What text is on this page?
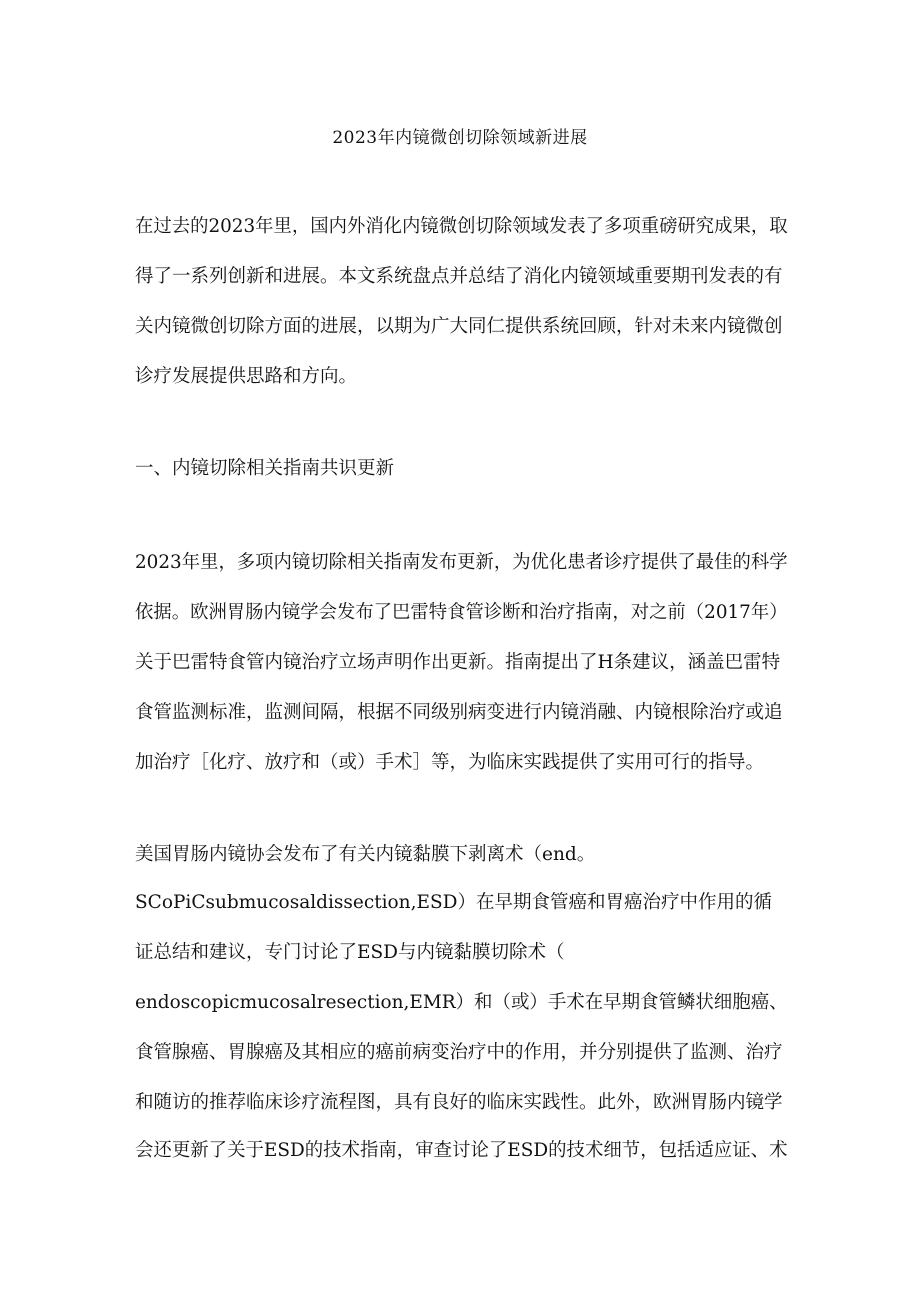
2023年内镜微创切除领域新进展
在过去的2023年里，国内外消化内镜微创切除领域发表了多项重磅研究成果，取
得了一系列创新和进展。本文系统盘点并总结了消化内镜领域重要期刊发表的有
关内镜微创切除方面的进展，以期为广大同仁提供系统回顾，针对未来内镜微创
诊疗发展提供思路和方向。
一、内镜切除相关指南共识更新
2023年里，多项内镜切除相关指南发布更新，为优化患者诊疗提供了最佳的科学
依据。欧洲胃肠内镜学会发布了巴雷特食管诊断和治疗指南，对之前（2017年）
关于巴雷特食管内镜治疗立场声明作出更新。指南提出了H条建议，涵盖巴雷特
食管监测标准，监测间隔，根据不同级别病变进行内镜消融、内镜根除治疗或追
加治疗［化疗、放疗和（或）手术］等，为临床实践提供了实用可行的指导。
美国胃肠内镜协会发布了有关内镜黏膜下剥离术（end。
SCoPiCsubmucosaldissection,ESD）在早期食管癌和胃癌治疗中作用的循
证总结和建议，专门讨论了ESD与内镜黏膜切除术（
endoscopicmucosalresection,EMR）和（或）手术在早期食管鳞状细胞癌、
食管腺癌、胃腺癌及其相应的癌前病变治疗中的作用，并分别提供了监测、治疗
和随访的推荐临床诊疗流程图，具有良好的临床实践性。此外，欧洲胃肠内镜学
会还更新了关于ESD的技术指南，审查讨论了ESD的技术细节，包括适应证、术
